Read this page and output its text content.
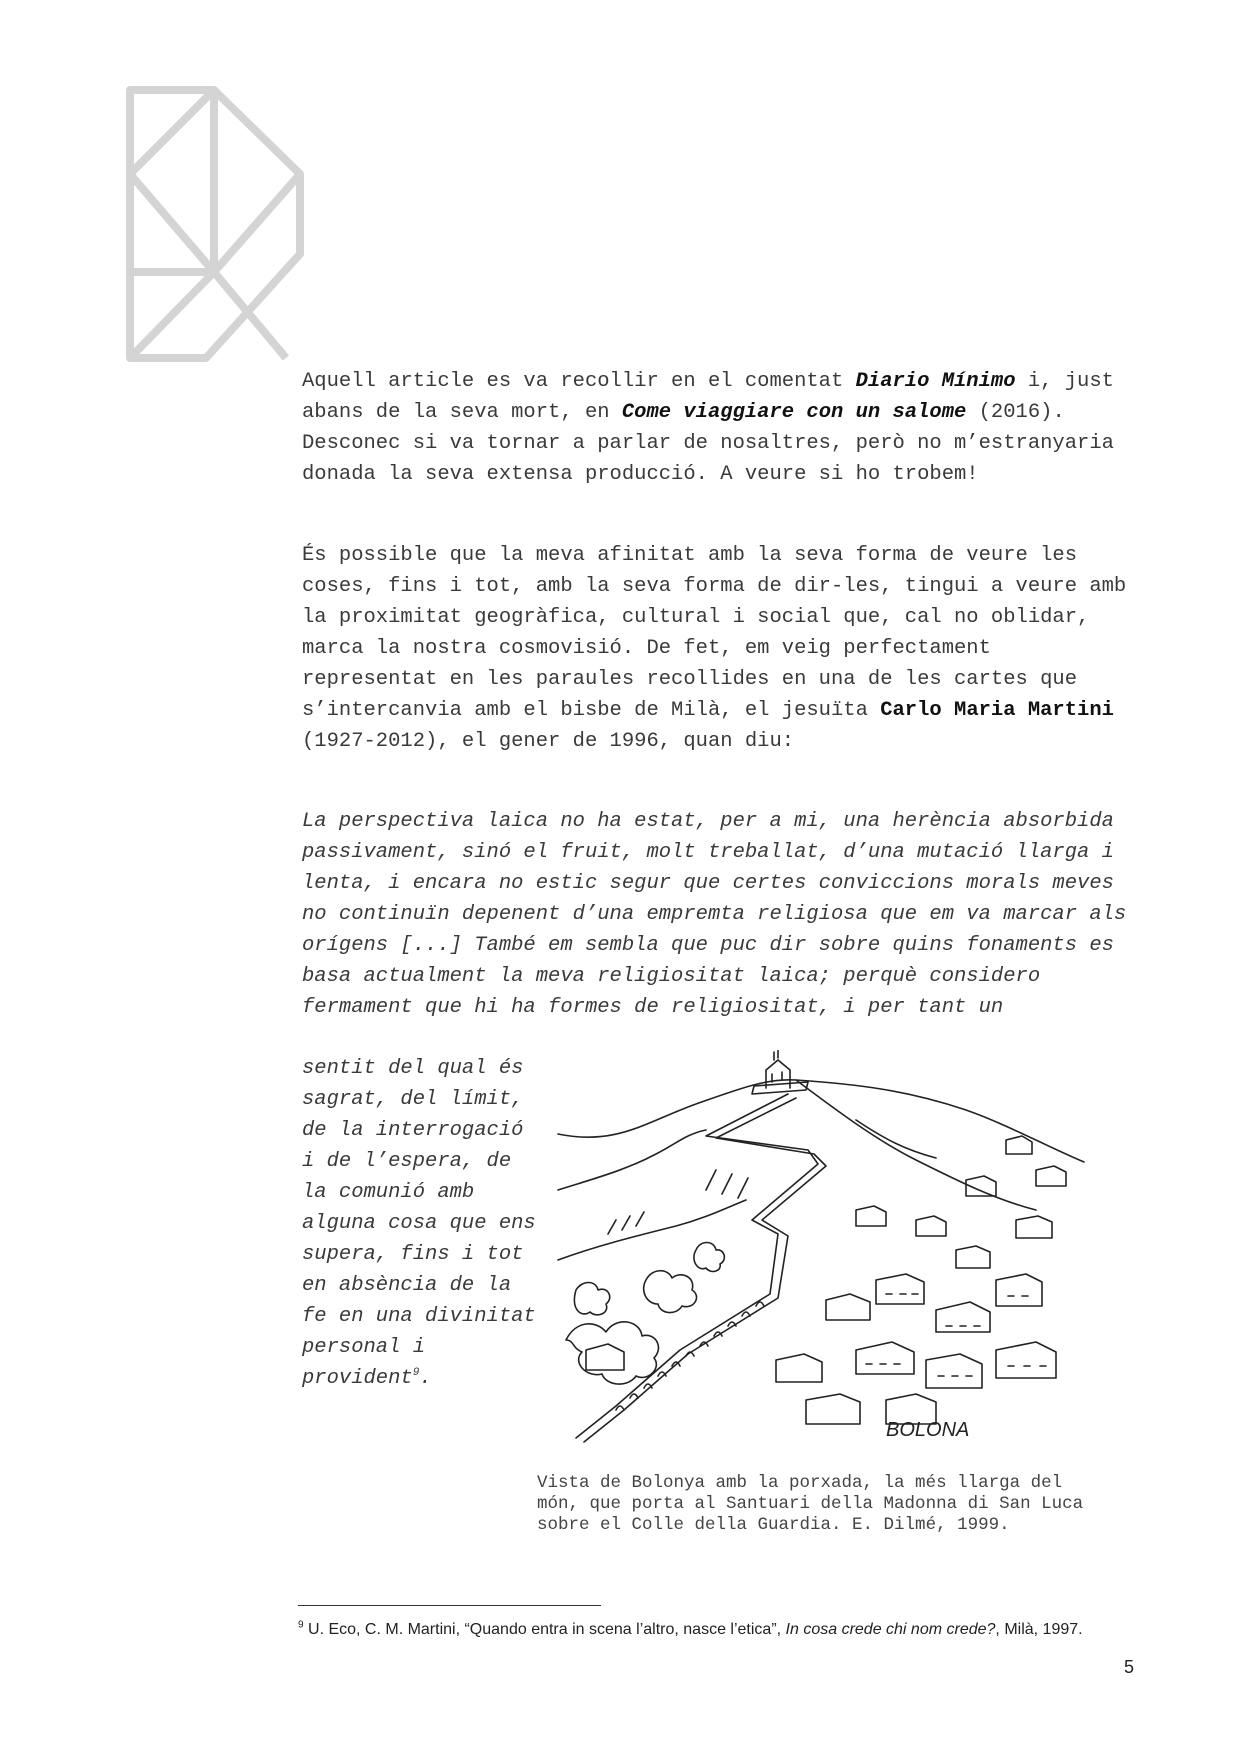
Aquell article es va recollir en el comentat Diario Mínimo i, just abans de la seva mort, en Come viaggiare con un salome (2016). Desconec si va tornar a parlar de nosaltres, però no m’estranyaria donada la seva extensa producció. A veure si ho trobem!

És possible que la meva afinitat amb la seva forma de veure les coses, fins i tot, amb la seva forma de dir-les, tingui a veure amb la proximitat geogràfica, cultural i social que, cal no oblidar, marca la nostra cosmovisió. De fet, em veig perfectament representat en les paraules recollides en una de les cartes que s’intercanvia amb el bisbe de Milà, el jesuïta Carlo Maria Martini (1927-2012), el gener de 1996, quan diu:

La perspectiva laica no ha estat, per a mi, una herència absorbida passivament, sinó el fruit, molt treballat, d’una mutació llarga i lenta, i encara no estic segur que certes conviccions morals meves no continuïn depenent d’una empremta religiosa que em va marcar als orígens [...] També em sembla que puc dir sobre quins fonaments es basa actualment la meva religiositat laica; perquè considero fermament que hi ha formes de religiositat, i per tant un

sentit del qual és sagrat, del límit, de la interrogació i de l’espera, de la comunió amb alguna cosa que ens supera, fins i tot en absència de la fe en una divinitat personal i provident$^9$.

BOLONA

Vista de Bolonya amb la porxada, la més llarga del món, que porta al Santuari della Madonna di San Luca sobre el Colle della Guardia. E. Dilmé, 1999.

$^9$ U. Eco, C. M. Martini, “Quando entra in scena l’altro, nasce l’etica”, In cosa crede chi nom crede?, Milà, 1997.

5
